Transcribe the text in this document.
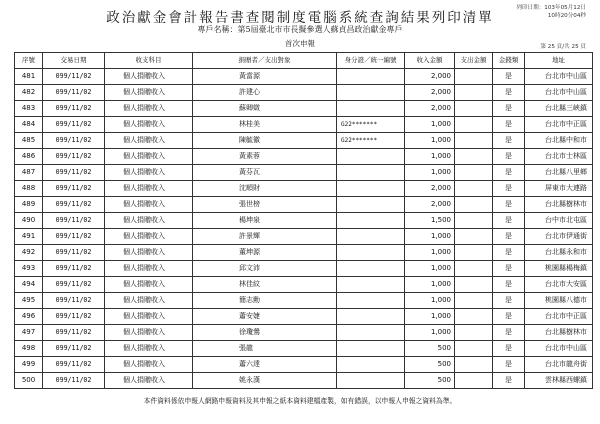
政治獻金會計報告書查閱制度電腦系統查詢結果列印清單
列印日期：103年05月12日
10時20分04秒
專戶名稱：第5屆臺北市市長擬參選人蘇貞昌政治獻金專戶
首次申報	第 25 頁/共 25 頁
序號	交易日期	收支科目	捐贈者／支出對象	身分證／統一編號	收入金額	支出金額	金錢類	地址
481	099/11/02	個人捐贈收入	黃當源		2,000		是	台北市中山區
482	099/11/02	個人捐贈收入	許建心		2,000		是	台北市中山區
483	099/11/02	個人捐贈收入	蘇卿媺		2,000		是	台北縣三峽鎮
484	099/11/02	個人捐贈收入	林桂美	G22*******	1,000		是	台北市中正區
485	099/11/02	個人捐贈收入	陳毓徽	G22*******	1,000		是	台北縣中和市
486	099/11/02	個人捐贈收入	黃素蓉		1,000		是	台北市士林區
487	099/11/02	個人捐贈收入	黃芬瓦		1,000		是	台北縣八里鄉
488	099/11/02	個人捐贈收入	沈順財		2,000		是	屏東市大連路
489	099/11/02	個人捐贈收入	張世榜		2,000		是	台北縣樹林市
490	099/11/02	個人捐贈收入	楊坤泉		1,500		是	台中市北屯區
491	099/11/02	個人捐贈收入	許景輝		1,000		是	台北市伊通街
492	099/11/02	個人捐贈收入	董坤源		1,000		是	台北縣永和市
493	099/11/02	個人捐贈收入	邱文沛		1,000		是	桃園縣楊梅鎮
494	099/11/02	個人捐贈收入	林佳紋		1,000		是	台北市大安區
495	099/11/02	個人捐贈收入	簡志勳		1,000		是	桃園縣八德市
496	099/11/02	個人捐贈收入	蕭安婕		1,000		是	台北市中正區
497	099/11/02	個人捐贈收入	徐瓊鶯		1,000		是	台北縣樹林市
498	099/11/02	個人捐贈收入	張龍		500		是	台北市中山區
499	099/11/02	個人捐贈收入	蕭六達		500		是	台北市龍舟街
500	099/11/02	個人捐贈收入	姚永漢		500		是	雲林縣西螺鎮
本件資料係依申報人網路申報資料及其申報之紙本資料建檔產製，如有錯誤，以申報人申報之資料為準。
